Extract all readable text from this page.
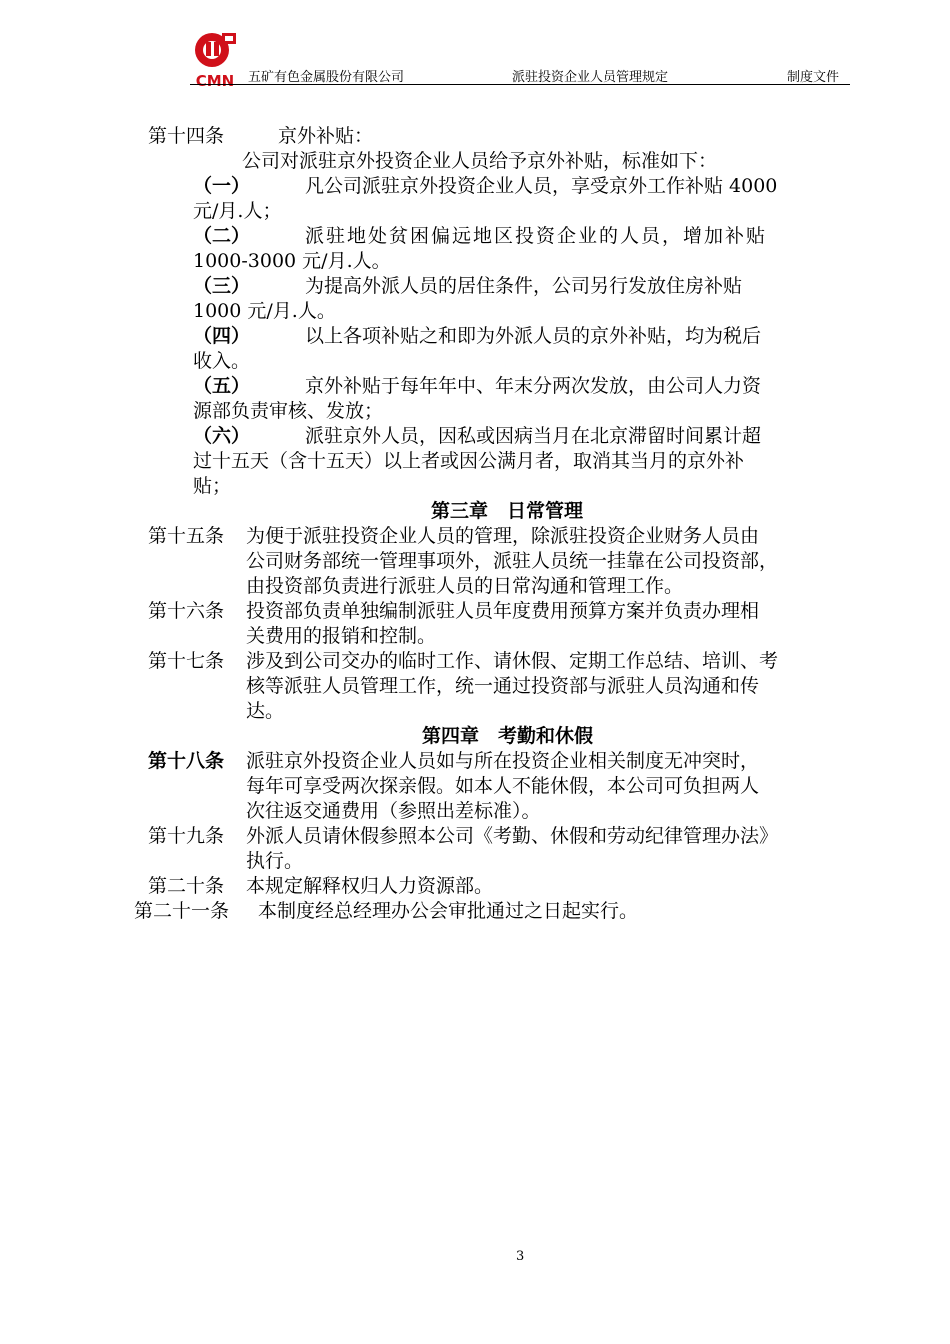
CMN 五矿有色金属股份有限公司	派驻投资企业人员管理规定	制度文件
第十四条	京外补贴：
公司对派驻京外投资企业人员给予京外补贴，标准如下：
（一）	凡公司派驻京外投资企业人员，享受京外工作补贴 4000
元/月.人；
（二）	派驻地处贫困偏远地区投资企业的人员，增加补贴
1000-3000 元/月.人。
（三）	为提高外派人员的居住条件，公司另行发放住房补贴
1000 元/月.人。
（四）	以上各项补贴之和即为外派人员的京外补贴，均为税后
收入。
（五）	京外补贴于每年年中、年末分两次发放，由公司人力资
源部负责审核、发放；
（六）	派驻京外人员，因私或因病当月在北京滞留时间累计超
过十五天（含十五天）以上者或因公满月者，取消其当月的京外补
贴；
第三章　日常管理
第十五条 为便于派驻投资企业人员的管理，除派驻投资企业财务人员由
公司财务部统一管理事项外，派驻人员统一挂靠在公司投资部，
由投资部负责进行派驻人员的日常沟通和管理工作。
第十六条 投资部负责单独编制派驻人员年度费用预算方案并负责办理相
关费用的报销和控制。
第十七条 涉及到公司交办的临时工作、请休假、定期工作总结、培训、考
核等派驻人员管理工作，统一通过投资部与派驻人员沟通和传
达。
第四章　考勤和休假
第十八条 派驻京外投资企业人员如与所在投资企业相关制度无冲突时，
每年可享受两次探亲假。如本人不能休假，本公司可负担两人
次往返交通费用（参照出差标准）。
第十九条 外派人员请休假参照本公司《考勤、休假和劳动纪律管理办法》
执行。
第二十条 本规定解释权归人力资源部。
第二十一条 本制度经总经理办公会审批通过之日起实行。
3
